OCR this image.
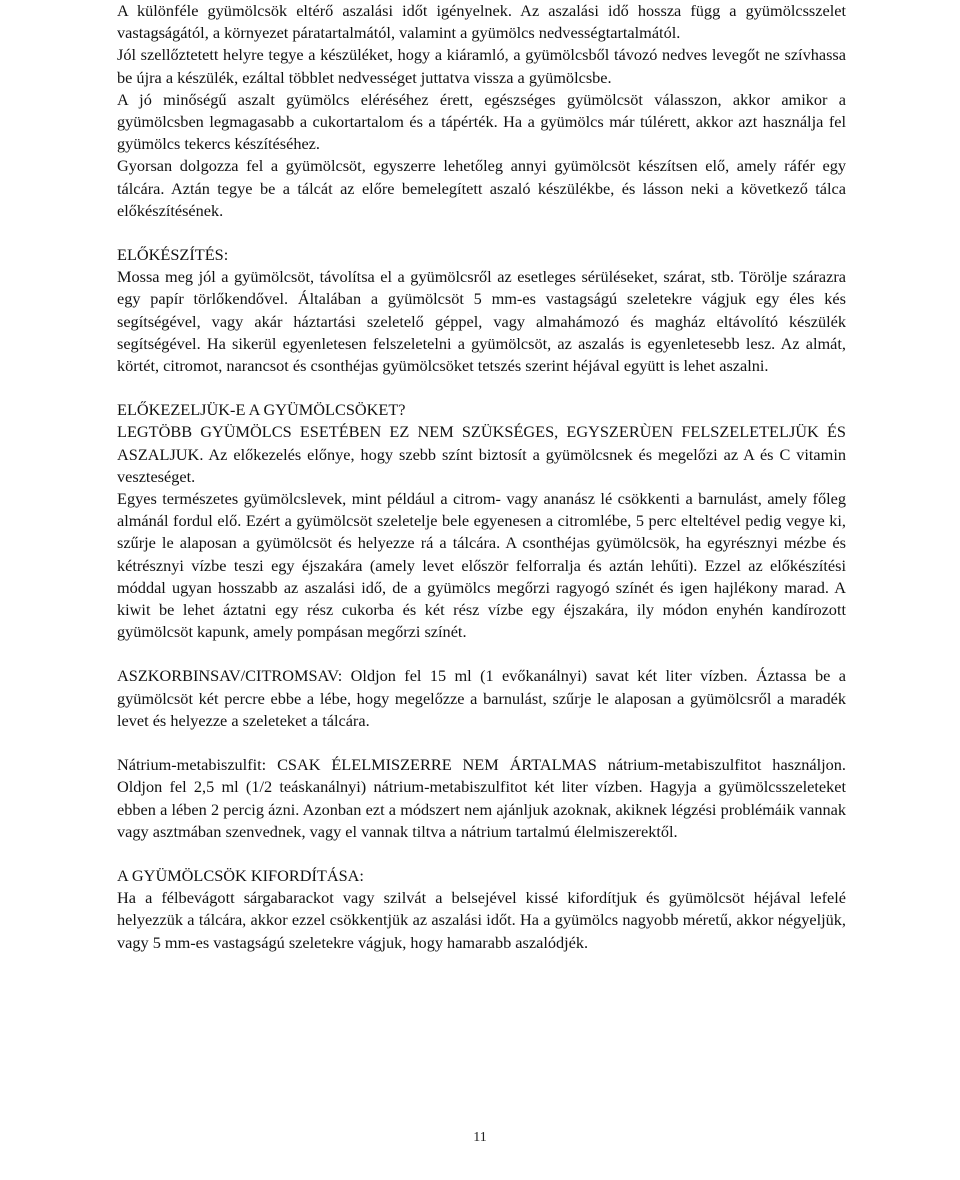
A különféle gyümölcsök eltérő aszalási időt igényelnek. Az aszalási idő hossza függ a gyümölcsszelet vastagságától, a környezet páratartalmától, valamint a gyümölcs nedvességtartalmától.

Jól szellőztetett helyre tegye a készüléket, hogy a kiáramló, a gyümölcsből távozó nedves levegőt ne szívhassa be újra a készülék, ezáltal többlet nedvességet juttatva vissza a gyümölcsbe.

A jó minőségű aszalt gyümölcs eléréséhez érett, egészséges gyümölcsöt válasszon, akkor amikor a gyümölcsben legmagasabb a cukortartalom és a tápérték. Ha a gyümölcs már túlérett, akkor azt használja fel gyümölcs tekercs készítéséhez.

Gyorsan dolgozza fel a gyümölcsöt, egyszerre lehetőleg annyi gyümölcsöt készítsen elő, amely ráfér egy tálcára. Aztán tegye be a tálcát az előre bemelegített aszaló készülékbe, és lásson neki a következő tálca előkészítésének.

ELŐKÉSZÍTÉS:

Mossa meg jól a gyümölcsöt, távolítsa el a gyümölcsről az esetleges sérüléseket, szárat, stb. Törölje szárazra egy papír törlőkendővel. Általában a gyümölcsöt 5 mm-es vastagságú szeletekre vágjuk egy éles kés segítségével, vagy akár háztartási szeletelő géppel, vagy almahámozó és magház eltávolító készülék segítségével. Ha sikerül egyenletesen felszeletelni a gyümölcsöt, az aszalás is egyenletesebb lesz. Az almát, körtét, citromot, narancsot és csonthéjas gyümölcsöket tetszés szerint héjával együtt is lehet aszalni.

ELŐKEZELJÜK-E A GYÜMÖLCSÖKET?

LEGTÖBB GYÜMÖLCS ESETÉBEN EZ NEM SZÜKSÉGES, EGYSZERÙEN FELSZELETELJÜK ÉS ASZALJUK. Az előkezelés előnye, hogy szebb színt biztosít a gyümölcsnek és megelőzi az A és C vitamin veszteséget.

Egyes természetes gyümölcslevek, mint például a citrom- vagy ananász lé csökkenti a barnulást, amely főleg almánál fordul elő. Ezért a gyümölcsöt szeletelje bele egyenesen a citromlébe, 5 perc elteltével pedig vegye ki, szűrje le alaposan a gyümölcsöt és helyezze rá a tálcára. A csonthéjas gyümölcsök, ha egyrésznyi mézbe és kétrésznyi vízbe teszi egy éjszakára (amely levet először felforralja és aztán lehűti). Ezzel az előkészítési móddal ugyan hosszabb az aszalási idő, de a gyümölcs megőrzi ragyogó színét és igen hajlékony marad. A kiwit be lehet áztatni egy rész cukorba és két rész vízbe egy éjszakára, ily módon enyhén kandírozott gyümölcsöt kapunk, amely pompásan megőrzi színét.

ASZKORBINSAV/CITROMSAV: Oldjon fel 15 ml (1 evőkanálnyi) savat két liter vízben. Áztassa be a gyümölcsöt két percre ebbe a lébe, hogy megelőzze a barnulást, szűrje le alaposan a gyümölcsről a maradék levet és helyezze a szeleteket a tálcára.

Nátrium-metabiszulfit: CSAK ÉLELMISZERRE NEM ÁRTALMAS nátrium-metabiszulfitot használjon. Oldjon fel 2,5 ml (1/2 teáskanálnyi) nátrium-metabiszulfitot két liter vízben. Hagyja a gyümölcsszeleteket ebben a lében 2 percig ázni. Azonban ezt a módszert nem ajánljuk azoknak, akiknek légzési problémáik vannak vagy asztmában szenvednek, vagy el vannak tiltva a nátrium tartalmú élelmiszerektől.

A GYÜMÖLCSÖK KIFORDÍTÁSA:

Ha a félbevágott sárgabarackot vagy szilvát a belsejével kissé kifordítjuk és gyümölcsöt héjával lefelé helyezzük a tálcára, akkor ezzel csökkentjük az aszalási időt. Ha a gyümölcs nagyobb méretű, akkor négyeljük, vagy 5 mm-es vastagságú szeletekre vágjuk, hogy hamarabb aszalódjék.

11
